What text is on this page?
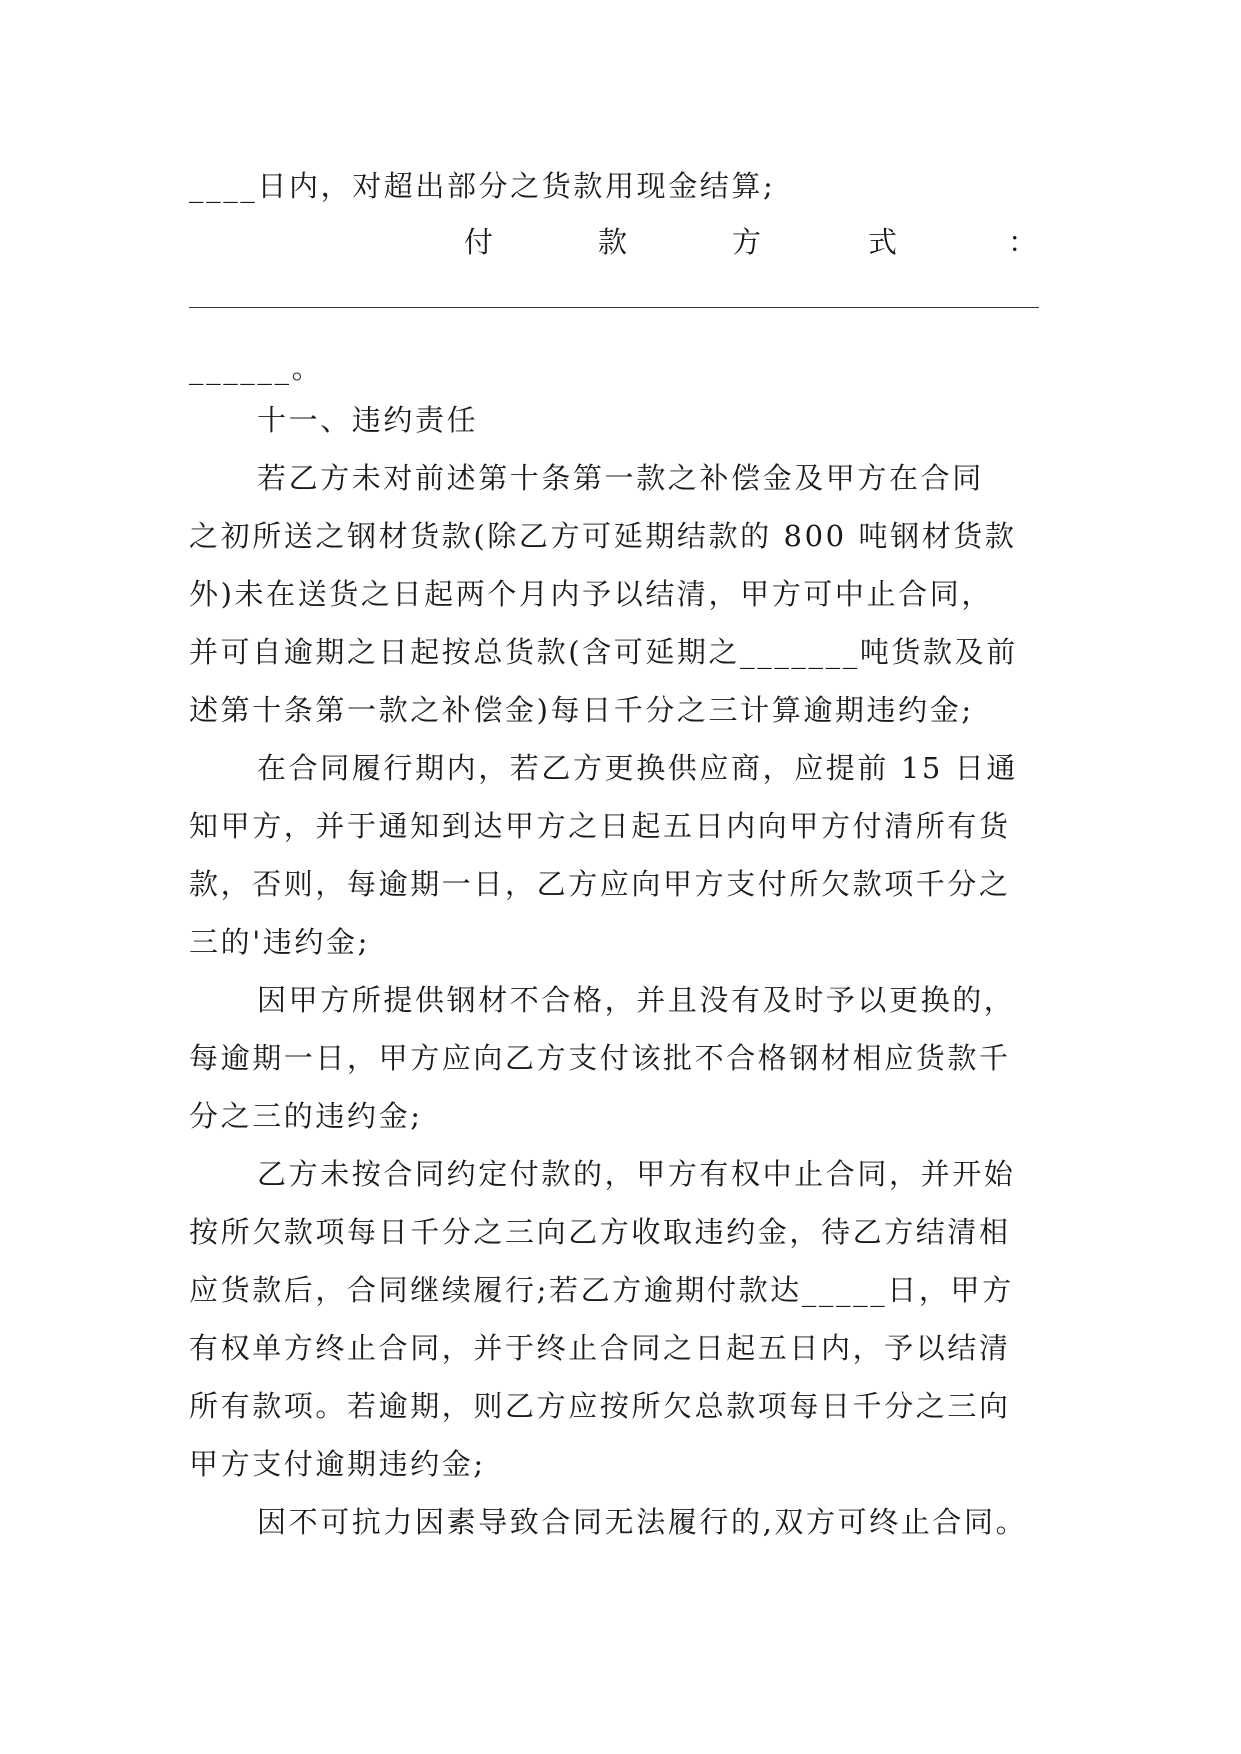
____日内，对超出部分之货款用现金结算;
付	款	方	式	：
______。
十一、违约责任
若乙方未对前述第十条第一款之补偿金及甲方在合同
之初所送之钢材货款(除乙方可延期结款的 800 吨钢材货款
外)未在送货之日起两个月内予以结清，甲方可中止合同，
并可自逾期之日起按总货款(含可延期之_______吨货款及前
述第十条第一款之补偿金)每日千分之三计算逾期违约金;
在合同履行期内，若乙方更换供应商，应提前 15 日通
知甲方，并于通知到达甲方之日起五日内向甲方付清所有货
款，否则，每逾期一日，乙方应向甲方支付所欠款项千分之
三的'违约金;
因甲方所提供钢材不合格，并且没有及时予以更换的，
每逾期一日，甲方应向乙方支付该批不合格钢材相应货款千
分之三的违约金;
乙方未按合同约定付款的，甲方有权中止合同，并开始
按所欠款项每日千分之三向乙方收取违约金，待乙方结清相
应货款后，合同继续履行;若乙方逾期付款达_____日，甲方
有权单方终止合同，并于终止合同之日起五日内，予以结清
所有款项。若逾期，则乙方应按所欠总款项每日千分之三向
甲方支付逾期违约金;
因不可抗力因素导致合同无法履行的,双方可终止合同。
